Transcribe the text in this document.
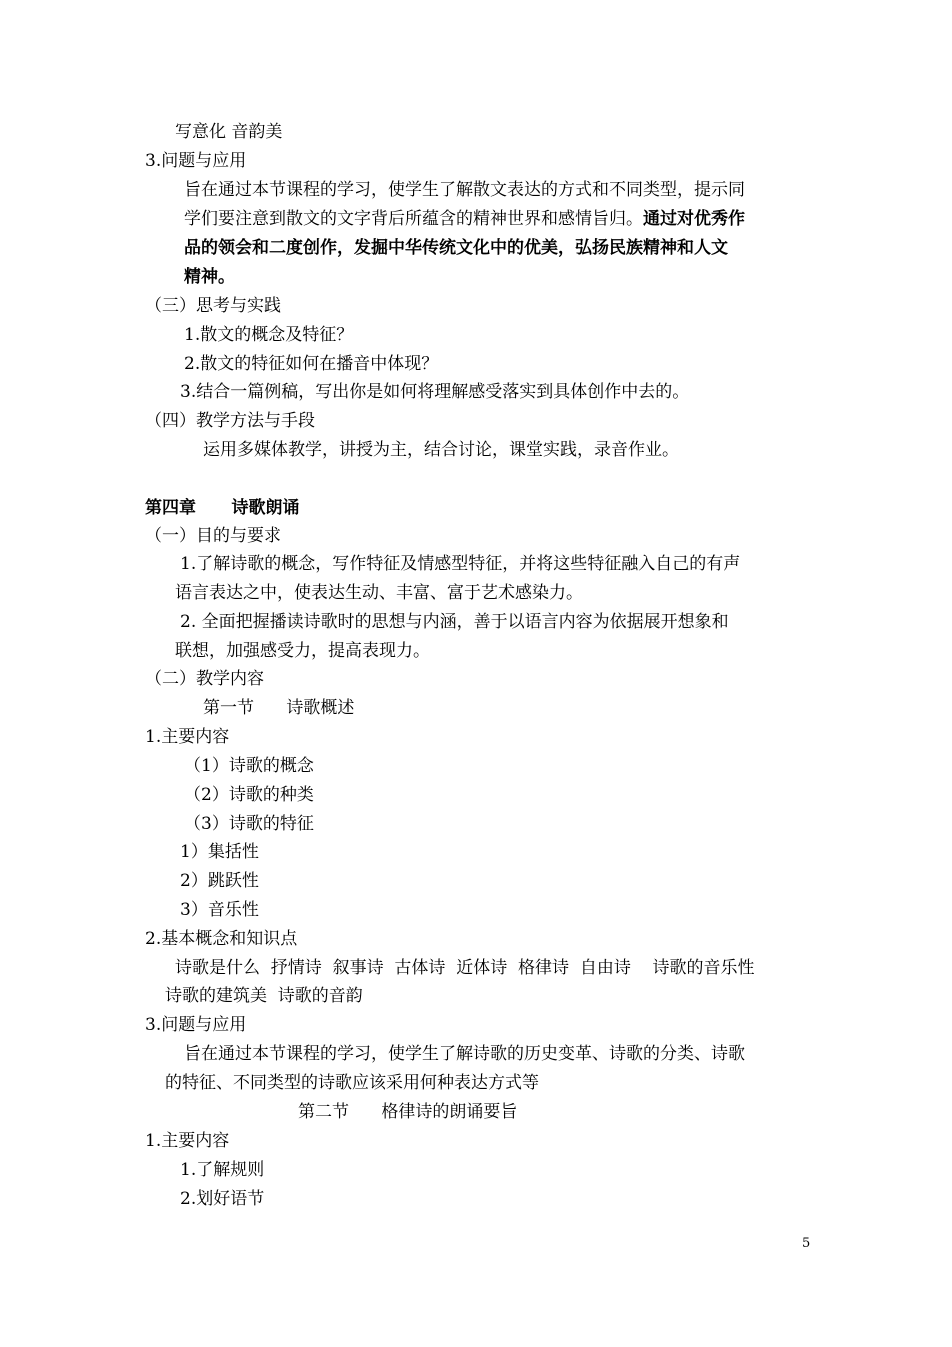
写意化 音韵美
3.问题与应用
旨在通过本节课程的学习，使学生了解散文表达的方式和不同类型，提示同
学们要注意到散文的文字背后所蕴含的精神世界和感情旨归。通过对优秀作
品的领会和二度创作，发掘中华传统文化中的优美，弘扬民族精神和人文
精神。
（三）思考与实践
1.散文的概念及特征？
2.散文的特征如何在播音中体现？
3.结合一篇例稿，写出你是如何将理解感受落实到具体创作中去的。
（四）教学方法与手段
运用多媒体教学，讲授为主，结合讨论，课堂实践，录音作业。
第四章      诗歌朗诵
（一）目的与要求
1.了解诗歌的概念，写作特征及情感型特征，并将这些特征融入自己的有声
语言表达之中，使表达生动、丰富、富于艺术感染力。
2. 全面把握播读诗歌时的思想与内涵，善于以语言内容为依据展开想象和
联想，加强感受力，提高表现力。
（二）教学内容
第一节      诗歌概述
1.主要内容
（1）诗歌的概念
（2）诗歌的种类
（3）诗歌的特征
1）集括性
2）跳跃性
3）音乐性
2.基本概念和知识点
诗歌是什么  抒情诗  叙事诗  古体诗  近体诗  格律诗  自由诗    诗歌的音乐性
诗歌的建筑美  诗歌的音韵
3.问题与应用
旨在通过本节课程的学习，使学生了解诗歌的历史变革、诗歌的分类、诗歌
的特征、不同类型的诗歌应该采用何种表达方式等
第二节      格律诗的朗诵要旨
1.主要内容
1.了解规则
2.划好语节
5
